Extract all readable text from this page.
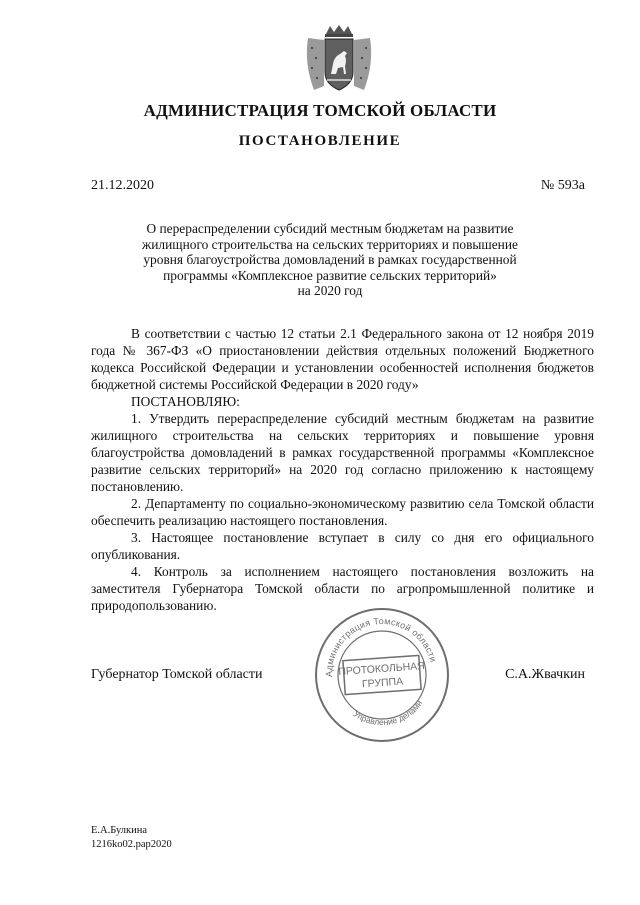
АДМИНИСТРАЦИЯ ТОМСКОЙ ОБЛАСТИ
ПОСТАНОВЛЕНИЕ
21.12.2020	№ 593а
О перераспределении субсидий местным бюджетам на развитие
жилищного строительства на сельских территориях и повышение
уровня благоустройства домовладений в рамках государственной
программы «Комплексное развитие сельских территорий»
на 2020 год

В соответствии с частью 12 статьи 2.1 Федерального закона от 12 ноября 2019 года № 367-ФЗ «О приостановлении действия отдельных положений Бюджетного кодекса Российской Федерации и установлении особенностей исполнения бюджетов бюджетной системы Российской Федерации в 2020 году»

ПОСТАНОВЛЯЮ:

1. Утвердить перераспределение субсидий местным бюджетам на развитие жилищного строительства на сельских территориях и повышение уровня благоустройства домовладений в рамках государственной программы «Комплексное развитие сельских территорий» на 2020 год согласно приложению к настоящему постановлению.

2. Департаменту по социально-экономическому развитию села Томской области обеспечить реализацию настоящего постановления.

3. Настоящее постановление вступает в силу со дня его официального опубликования.

4. Контроль за исполнением настоящего постановления возложить на заместителя Губернатора Томской области по агропромышленной политике и природопользованию.

Губернатор Томской области	С.А.Жвачкин
Администрация Томской области
Управление делами
ПРОТОКОЛЬНАЯ
ГРУППА
Е.А.Булкина
1216ko02.pap2020
